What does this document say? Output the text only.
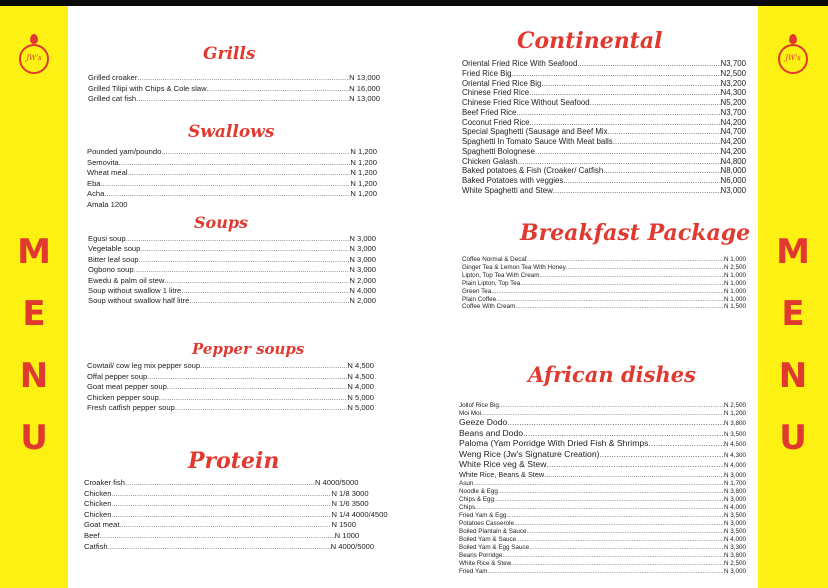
JW's
M
E
N
U
JW's
M
E
N
U
Grills
Grilled croaker .....	N 13,000
Grilled Tilipi with Chips & Cole slaw .....	N 16,000
Grilled cat fish .....	N 13,000
Swallows
Pounded yam/poundo .....	N 1,200
Semovita .....	N 1,200
Wheat meal .....	N 1,200
Eba .....	N 1,200
Acha .....	N 1,200
Amala 1200
Soups
Egusi soup .....	N 3,000
Vegetable soup .....	N 3,000
Bitter leaf soup .....	N 3,000
Ogbono soup .....	N 3,000
Ewedu & palm oil stew .....	N 2,000
Soup without swallow 1 litre .....	N 4,000
Soup without swallow half litre .....	N 2,000
Pepper soups
Cowtail/ cow leg mix pepper soup .....	N 4,500
Offal pepper soup .....	N 4,500
Goat meat pepper soup .....	N 4,000
Chicken pepper soup .....	N 5,000
Fresh catfish pepper soup .....	N 5,000
Protein
Croaker fish .....	N 4000/5000
Chicken .....	N 1/8 3000
Chicken .....	N 1/6 3500
Chicken .....	N 1/4 4000/4500
Goat meat .....	N 1500
Beef .....	N 1000
Catfish .....	N 4000/5000
Continental
Oriental Fried Rice With Seafood .....	N3,700
Fried Rice Big .....	N2,500
Oriental Fried Rice Big .....	N3,200
Chinese Fried Rice .....	N4,300
Chinese Fried Rice Without Seafood .....	N5,200
Beef Fried Rice .....	N3,700
Coconut Fried Rice .....	N4,200
Special Spaghetti (Sausage and Beef Mix .....	N4,700
Spaghetti In Tomato Sauce With Meat balls .....	N4,200
Spaghetti Bolognese .....	N4,200
Chicken Galash .....	N4,800
Baked potatoes & Fish (Croaker/ Catfish .....	N8,000
Baked Potatoes with veggies .....	N6,000
White Spaghetti and Stew .....	N3,000
Breakfast Package
Coffee Normal & Decaf .....	N 1,000
Ginger Tea & Lemon Tea With Honey .....	N 2,500
Lipton, Top Tea With Cream .....	N 1,000
Plain Lipton, Top Tea .....	N 1,000
Green Tea .....	N 1,000
Plain Coffee .....	N 1,000
Coffee With Cream .....	N 1,500
African dishes
Jollof Rice Big .....	N 2,500
Moi Moi .....	N 1,200
Geeze Dodo .....	N 3,800
Beans and Dodo .....	N 3,500
Paloma (Yam Porridge With Dried Fish & Shrimps .....	N 4,500
Weng Rice (Jw's Signature Creation) .....	N 4,300
White Rice veg & Stew .....	N 4,000
White Rice, Beans & Stew .....	N 3,000
Asun .....	N 1,700
Noodle & Egg .....	N 3,800
Chips & Egg .....	N 3,000
Chips .....	N 4,000
Fried Yam & Egg .....	N 3,500
Potatoes Casserole .....	N 3,000
Boiled Plantain & Sauce .....	N 3,500
Boiled Yam & Sauce .....	N 4,000
Boiled Yam & Egg Sauce .....	N 3,300
Beans Porridge .....	N 3,800
White Rice & Stew .....	N 2,500
Fried Yam .....	N 3,000
